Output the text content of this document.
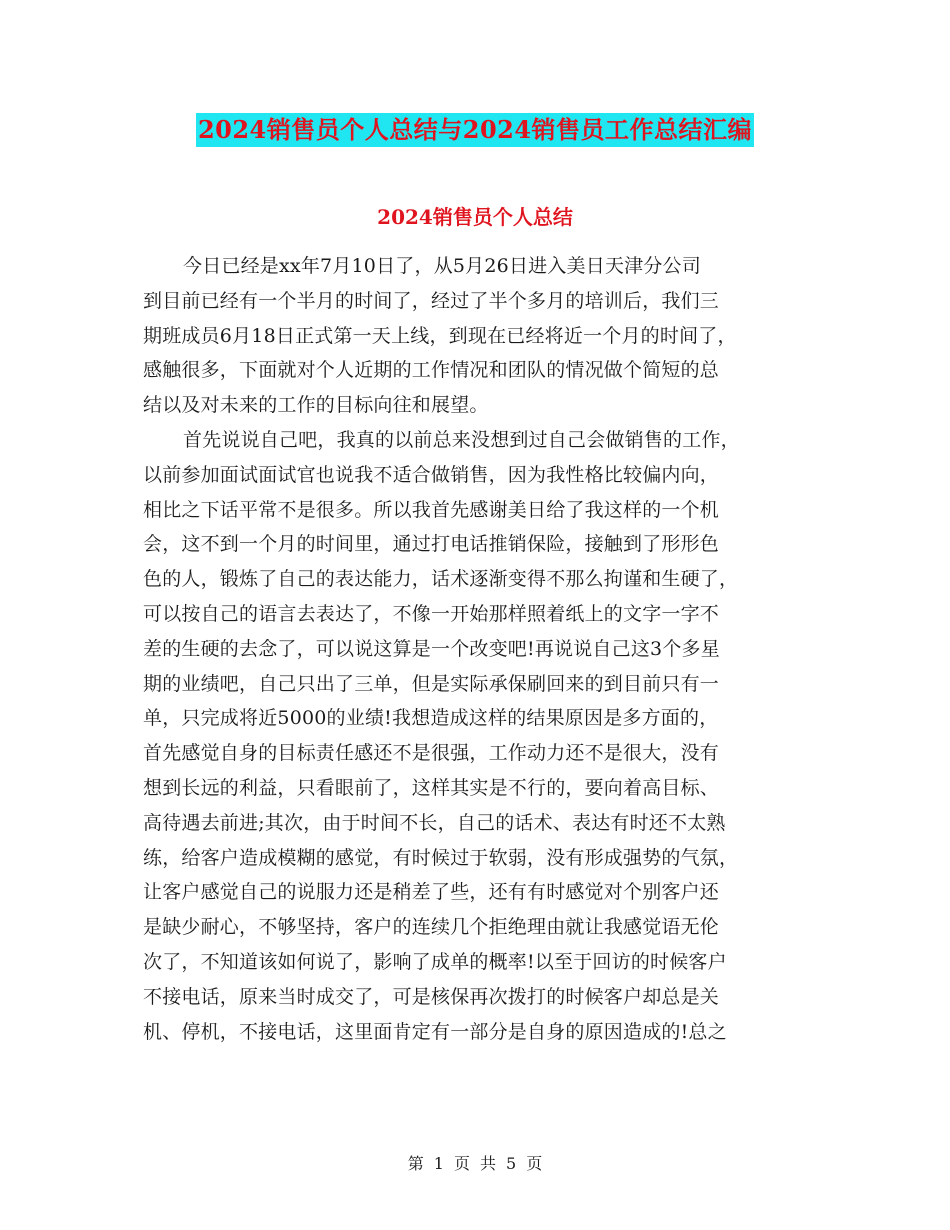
2024销售员个人总结与2024销售员工作总结汇编
2024销售员个人总结
今日已经是xx年7月10日了，从5月26日进入美日天津分公司
到目前已经有一个半月的时间了，经过了半个多月的培训后，我们三
期班成员6月18日正式第一天上线，到现在已经将近一个月的时间了，
感触很多，下面就对个人近期的工作情况和团队的情况做个简短的总
结以及对未来的工作的目标向往和展望。
首先说说自己吧，我真的以前总来没想到过自己会做销售的工作，
以前参加面试面试官也说我不适合做销售，因为我性格比较偏内向，
相比之下话平常不是很多。所以我首先感谢美日给了我这样的一个机
会，这不到一个月的时间里，通过打电话推销保险，接触到了形形色
色的人，锻炼了自己的表达能力，话术逐渐变得不那么拘谨和生硬了，
可以按自己的语言去表达了，不像一开始那样照着纸上的文字一字不
差的生硬的去念了，可以说这算是一个改变吧!再说说自己这3个多星
期的业绩吧，自己只出了三单，但是实际承保刷回来的到目前只有一
单，只完成将近5000的业绩!我想造成这样的结果原因是多方面的，
首先感觉自身的目标责任感还不是很强，工作动力还不是很大，没有
想到长远的利益，只看眼前了，这样其实是不行的，要向着高目标、
高待遇去前进;其次，由于时间不长，自己的话术、表达有时还不太熟
练，给客户造成模糊的感觉，有时候过于软弱，没有形成强势的气氛，
让客户感觉自己的说服力还是稍差了些，还有有时感觉对个别客户还
是缺少耐心，不够坚持，客户的连续几个拒绝理由就让我感觉语无伦
次了，不知道该如何说了，影响了成单的概率!以至于回访的时候客户
不接电话，原来当时成交了，可是核保再次拨打的时候客户却总是关
机、停机，不接电话，这里面肯定有一部分是自身的原因造成的!总之
第 1 页 共 5 页
